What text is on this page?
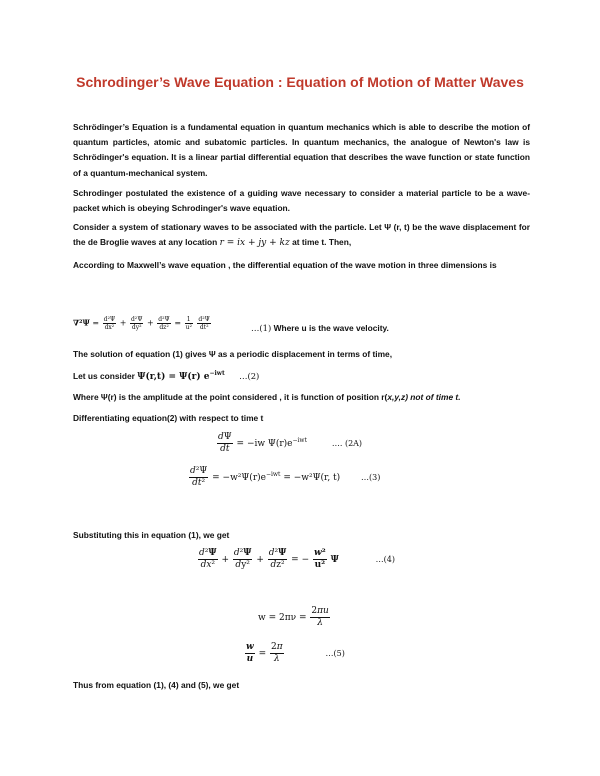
Schrodinger’s Wave Equation : Equation of Motion of Matter Waves

Schrödinger’s Equation is a fundamental equation in quantum mechanics which is able to describe the motion of quantum particles, atomic and subatomic particles. In quantum mechanics, the analogue of Newton's law is Schrödinger's equation. It is a linear partial differential equation that describes the wave function or state function of a quantum-mechanical system.

Schrodinger postulated the existence of a guiding wave necessary to consider a material particle to be a wave-packet which is obeying Schrodinger's wave equation.

Consider a system of stationary waves to be associated with the particle. Let Ψ (r, t) be the wave displacement for the de Broglie waves at any location r = ix + jy + kz at time t. Then,

According to Maxwell’s wave equation , the differential equation of the wave motion in three dimensions is

$\nabla^2\Psi = \frac{\text{d²Ψ}}{\text{dx²}} + \frac{\text{d²Ψ}}{\text{dy²}} + \frac{\text{d²Ψ}}{\text{dz²}} = \frac{1}{\text{u²}}$
$\frac{\text{d²Ψ}}{\text{dt²}}$	…(1) Where u is the wave velocity.
The solution of equation (1) gives Ψ as a periodic displacement in terms of time,
Let us consider Ψ(r,t) = Ψ(r) $e^{-iwt}$ …(2)
Where Ψ(r) is the amplitude at the point considered , it is function of position r(x,y,z) not of time t.
Differentiating equation(2) with respect to time t
$\frac{d\Psi}{dt} = -iw$ $\Psi(r)e^{-iwt}$	…. (2A)
$\frac{\text{d²Ψ}}{\text{dt²}} = -w^2\Psi(r)e^{-iwt} = -w^2\Psi(r$, t)	…(3)
Substituting this in equation (1), we get
$\frac{\text{d²Ψ}}{\text{dx²}} + \frac{\text{d²Ψ}}{\text{dy²}} + \frac{\text{d²Ψ}}{\text{dz²}}$ = − $\frac{\text{w²}}{\text{u²}}$ Ψ	…(4)
$w = 2\pi\nu = \frac{2\pi u}{\lambda}$
$\frac{w}{u} = \frac{2\pi}{\lambda}$	…(5)
Thus from equation (1), (4) and (5), we get
